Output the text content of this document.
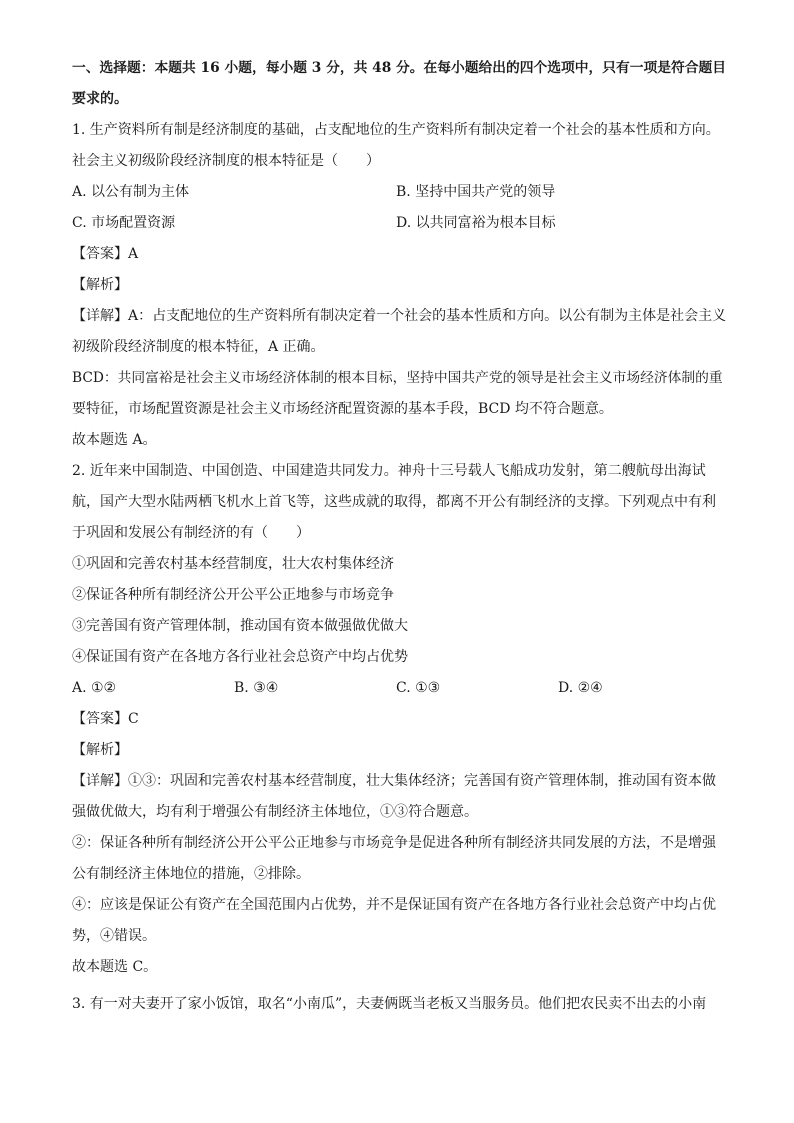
一、选择题：本题共 16 小题，每小题 3 分，共 48 分。在每小题给出的四个选项中，只有一项是符合题目
要求的。
1. 生产资料所有制是经济制度的基础，占支配地位的生产资料所有制决定着一个社会的基本性质和方向。
社会主义初级阶段经济制度的根本特征是（　　）
A. 以公有制为主体	B. 坚持中国共产党的领导
C. 市场配置资源	D. 以共同富裕为根本目标
【答案】A
【解析】
【详解】A：占支配地位的生产资料所有制决定着一个社会的基本性质和方向。以公有制为主体是社会主义
初级阶段经济制度的根本特征，A 正确。
BCD：共同富裕是社会主义市场经济体制的根本目标，坚持中国共产党的领导是社会主义市场经济体制的重
要特征，市场配置资源是社会主义市场经济配置资源的基本手段，BCD 均不符合题意。
故本题选 A。
2. 近年来中国制造、中国创造、中国建造共同发力。神舟十三号载人飞船成功发射，第二艘航母出海试
航，国产大型水陆两栖飞机水上首飞等，这些成就的取得，都离不开公有制经济的支撑。下列观点中有利
于巩固和发展公有制经济的有（　　）
①巩固和完善农村基本经营制度，壮大农村集体经济
②保证各种所有制经济公开公平公正地参与市场竞争
③完善国有资产管理体制，推动国有资本做强做优做大
④保证国有资产在各地方各行业社会总资产中均占优势
A. ①②	B. ③④	C. ①③	D. ②④
【答案】C
【解析】
【详解】①③：巩固和完善农村基本经营制度，壮大集体经济；完善国有资产管理体制，推动国有资本做
强做优做大，均有利于增强公有制经济主体地位，①③符合题意。
②：保证各种所有制经济公开公平公正地参与市场竞争是促进各种所有制经济共同发展的方法，不是增强
公有制经济主体地位的措施，②排除。
④：应该是保证公有资产在全国范围内占优势，并不是保证国有资产在各地方各行业社会总资产中均占优
势，④错误。
故本题选 C。
3. 有一对夫妻开了家小饭馆，取名“小南瓜”，夫妻俩既当老板又当服务员。他们把农民卖不出去的小南
